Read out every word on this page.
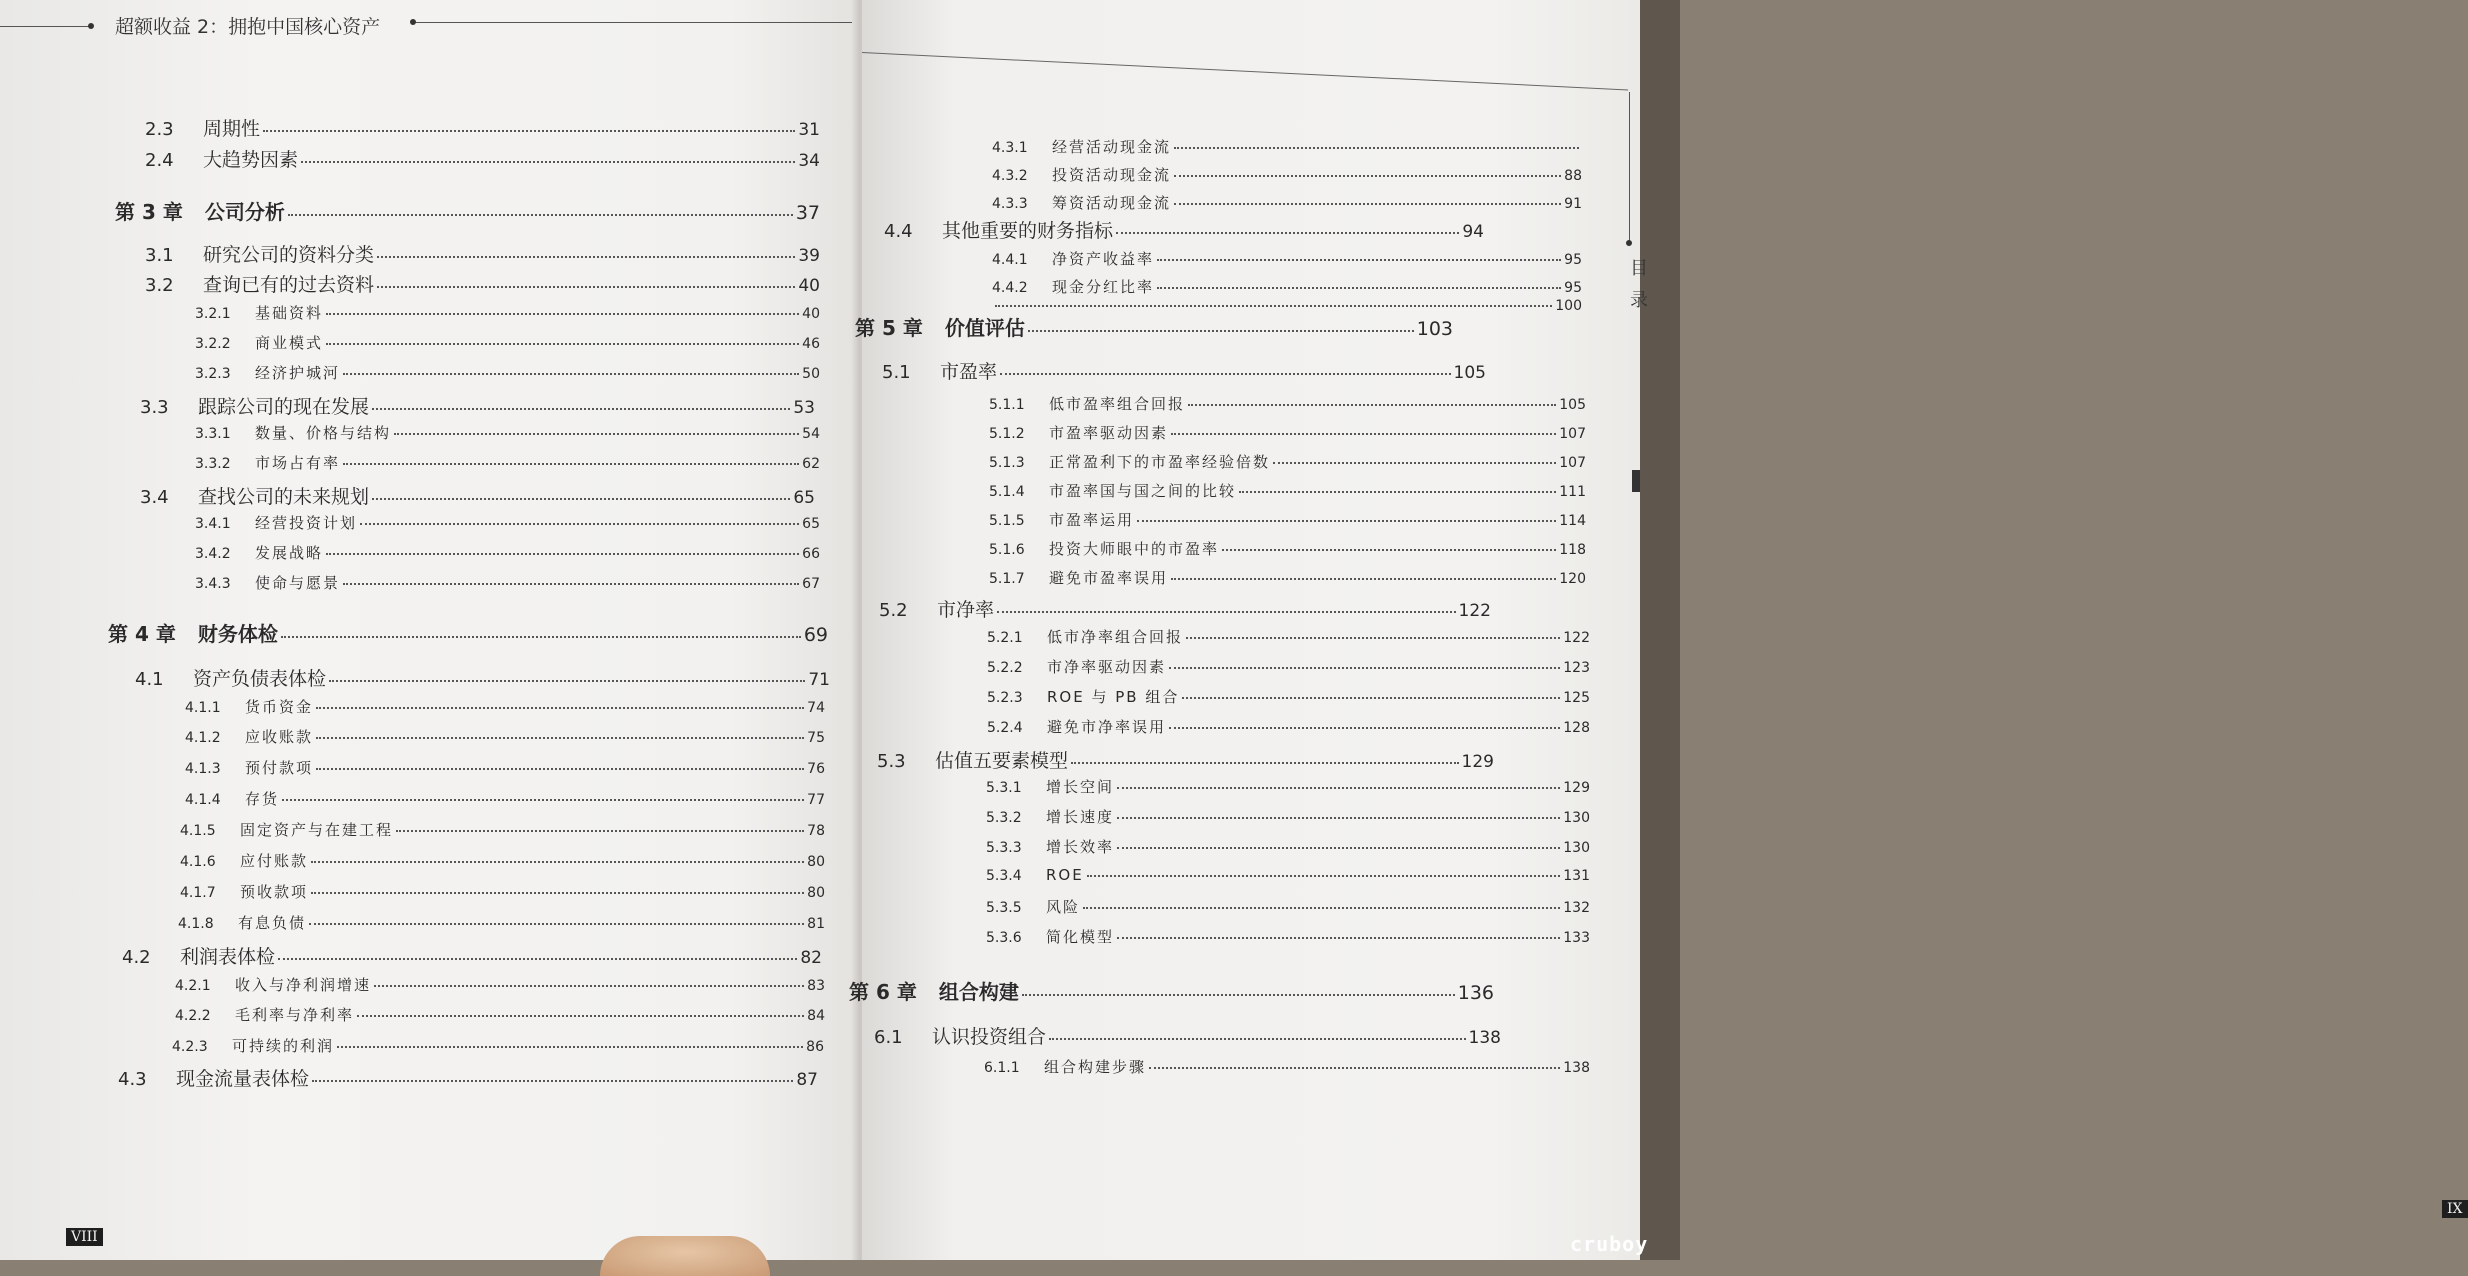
超额收益 2：拥抱中国核心资产
2.3	周期性	31
2.4	大趋势因素	34
第 3 章 公司分析	37
3.1	研究公司的资料分类	39
3.2	查询已有的过去资料	40
3.2.1	基础资料	40
3.2.2	商业模式	46
3.2.3	经济护城河	50
3.3	跟踪公司的现在发展	53
3.3.1	数量、价格与结构	54
3.3.2	市场占有率	62
3.4	查找公司的未来规划	65
3.4.1	经营投资计划	65
3.4.2	发展战略	66
3.4.3	使命与愿景	67
第 4 章 财务体检	69
4.1	资产负债表体检	71
4.1.1	货币资金	74
4.1.2	应收账款	75
4.1.3	预付款项	76
4.1.4	存货	77
4.1.5	固定资产与在建工程	78
4.1.6	应付账款	80
4.1.7	预收款项	80
4.1.8	有息负债	81
4.2	利润表体检	82
4.2.1	收入与净利润增速	83
4.2.2	毛利率与净利率	84
4.2.3	可持续的利润	86
4.3	现金流量表体检	87
VIII
4.3.1	经营活动现金流
4.3.2	投资活动现金流	88
4.3.3	筹资活动现金流	91
4.4	其他重要的财务指标	94
4.4.1	净资产收益率	95
4.4.2	现金分红比率	95
100
第 5 章 价值评估	103
5.1	市盈率	105
5.1.1	低市盈率组合回报	105
5.1.2	市盈率驱动因素	107
5.1.3	正常盈利下的市盈率经验倍数	107
5.1.4	市盈率国与国之间的比较	111
5.1.5	市盈率运用	114
5.1.6	投资大师眼中的市盈率	118
5.1.7	避免市盈率误用	120
5.2	市净率	122
5.2.1	低市净率组合回报	122
5.2.2	市净率驱动因素	123
5.2.3	ROE 与 PB 组合	125
5.2.4	避免市净率误用	128
5.3	估值五要素模型	129
5.3.1	增长空间	129
5.3.2	增长速度	130
5.3.3	增长效率	130
5.3.4	ROE	131
5.3.5	风险	132
5.3.6	简化模型	133
第 6 章 组合构建	136
6.1	认识投资组合	138
6.1.1	组合构建步骤	138
IX
目录
cruboy
